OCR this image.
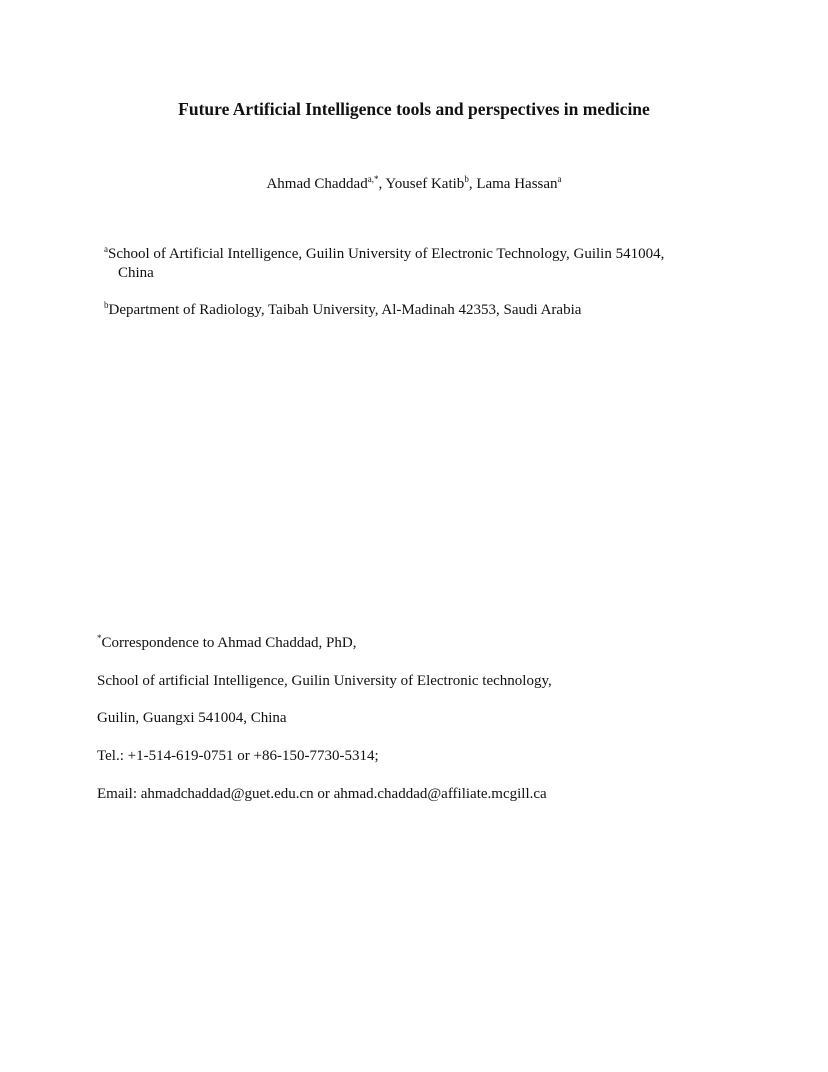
Future Artificial Intelligence tools and perspectives in medicine
Ahmad Chaddad$^{a,*}$, Yousef Katib$^b$, Lama Hassan$^a$
$^a$School of Artificial Intelligence, Guilin University of Electronic Technology, Guilin 541004,
China
$^b$Department of Radiology, Taibah University, Al-Madinah 42353, Saudi Arabia
*Correspondence to Ahmad Chaddad, PhD,
School of artificial Intelligence, Guilin University of Electronic technology,
Guilin, Guangxi 541004, China
Tel.: +1-514-619-0751 or +86-150-7730-5314;
Email: ahmadchaddad@guet.edu.cn or ahmad.chaddad@affiliate.mcgill.ca
